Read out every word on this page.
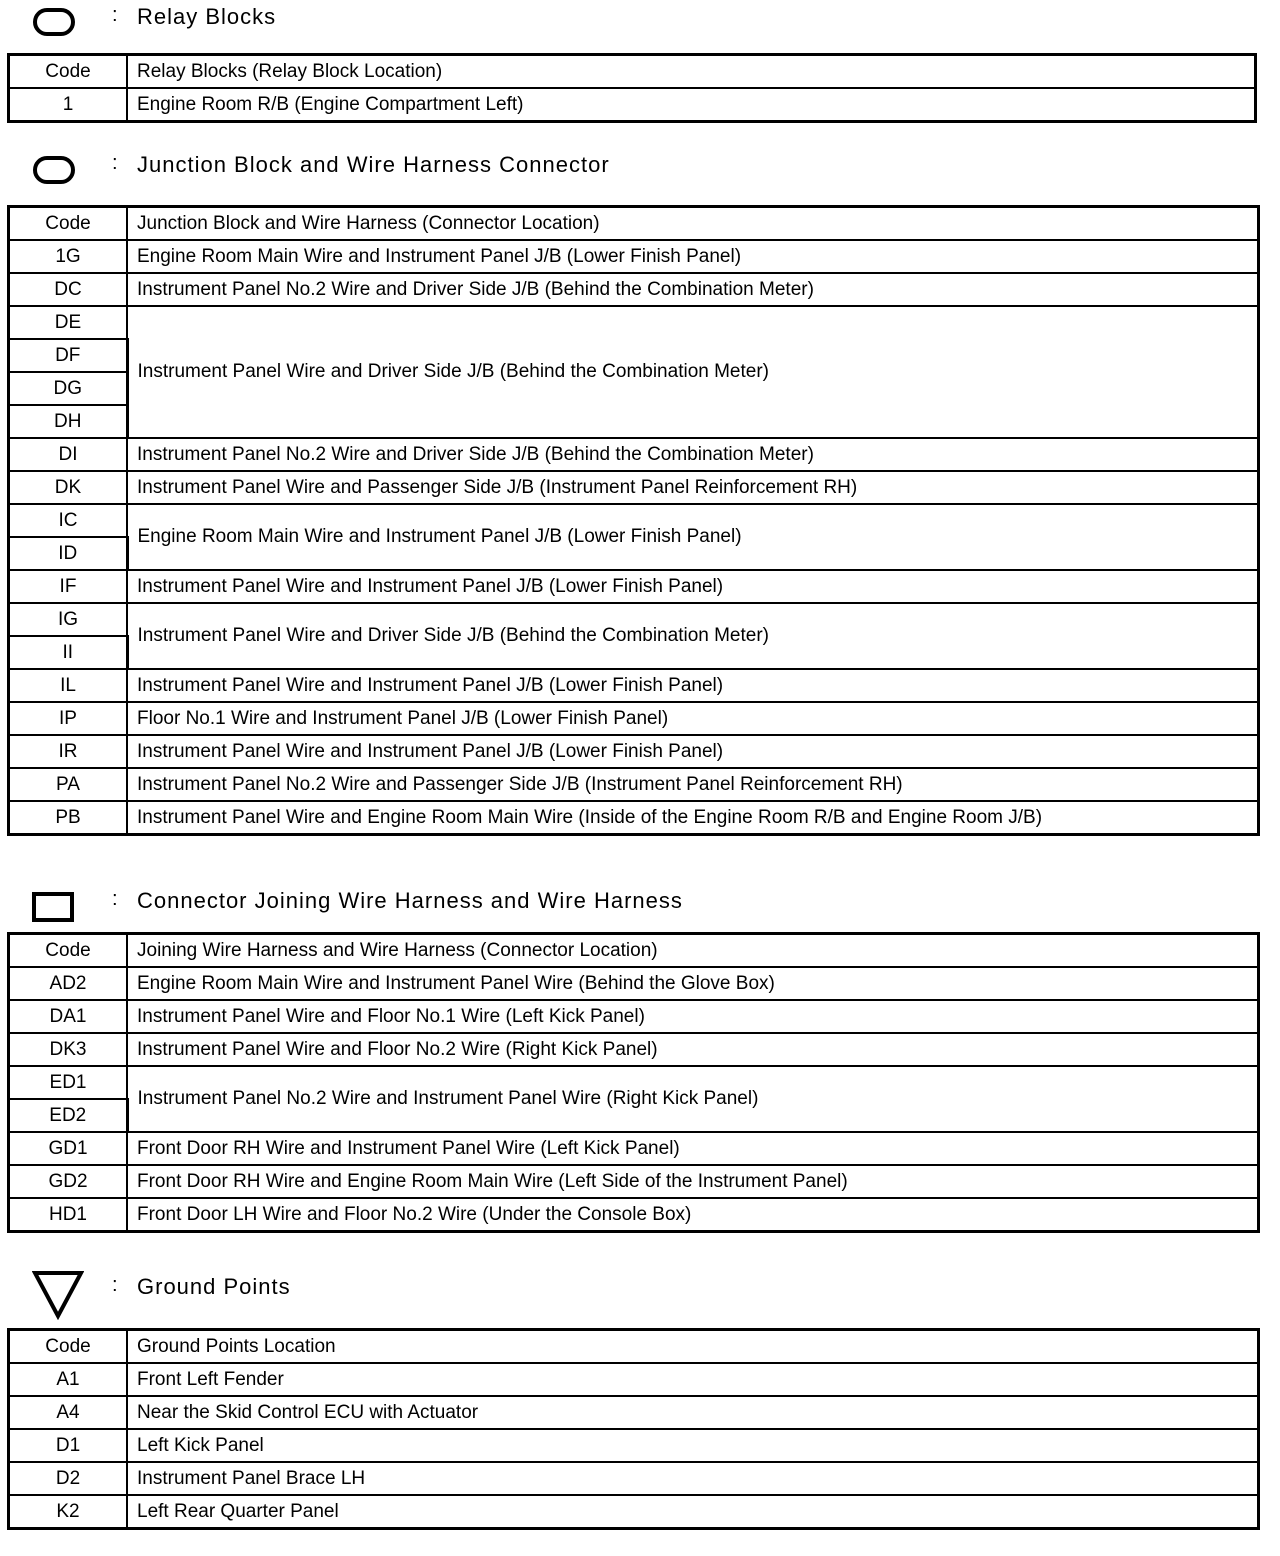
: Relay Blocks
Code	Relay Blocks (Relay Block Location)
1	Engine Room R/B (Engine Compartment Left)
: Junction Block and Wire Harness Connector
Code	Junction Block and Wire Harness (Connector Location)
1G	Engine Room Main Wire and Instrument Panel J/B (Lower Finish Panel)
DC	Instrument Panel No.2 Wire and Driver Side J/B (Behind the Combination Meter)
DE	Instrument Panel Wire and Driver Side J/B (Behind the Combination Meter)
DF	
DG	
DH	
DI	Instrument Panel No.2 Wire and Driver Side J/B (Behind the Combination Meter)
DK	Instrument Panel Wire and Passenger Side J/B (Instrument Panel Reinforcement RH)
IC	Engine Room Main Wire and Instrument Panel J/B (Lower Finish Panel)
ID	
IF	Instrument Panel Wire and Instrument Panel J/B (Lower Finish Panel)
IG	Instrument Panel Wire and Driver Side J/B (Behind the Combination Meter)
II	
IL	Instrument Panel Wire and Instrument Panel J/B (Lower Finish Panel)
IP	Floor No.1 Wire and Instrument Panel J/B (Lower Finish Panel)
IR	Instrument Panel Wire and Instrument Panel J/B (Lower Finish Panel)
PA	Instrument Panel No.2 Wire and Passenger Side J/B (Instrument Panel Reinforcement RH)
PB	Instrument Panel Wire and Engine Room Main Wire (Inside of the Engine Room R/B and Engine Room J/B)
: Connector Joining Wire Harness and Wire Harness
Code	Joining Wire Harness and Wire Harness (Connector Location)
AD2	Engine Room Main Wire and Instrument Panel Wire (Behind the Glove Box)
DA1	Instrument Panel Wire and Floor No.1 Wire (Left Kick Panel)
DK3	Instrument Panel Wire and Floor No.2 Wire (Right Kick Panel)
ED1	Instrument Panel No.2 Wire and Instrument Panel Wire (Right Kick Panel)
ED2	
GD1	Front Door RH Wire and Instrument Panel Wire (Left Kick Panel)
GD2	Front Door RH Wire and Engine Room Main Wire (Left Side of the Instrument Panel)
HD1	Front Door LH Wire and Floor No.2 Wire (Under the Console Box)
: Ground Points
Code	Ground Points Location
A1	Front Left Fender
A4	Near the Skid Control ECU with Actuator
D1	Left Kick Panel
D2	Instrument Panel Brace LH
K2	Left Rear Quarter Panel
